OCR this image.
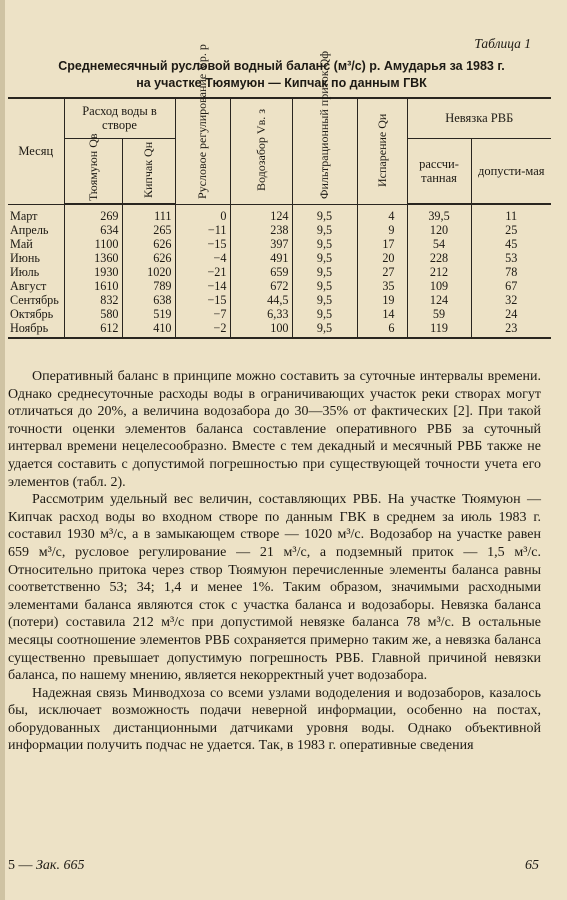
Таблица 1
Среднемесячный русловой водный баланс (м³/с) р. Амударья за 1983 г.
на участке Тюямуюн — Кипчак по данным ГВК
Месяц	Расход воды в створе		Русловое регулирование Vр. р	Водозабор Vв. з	Фильтрационный приток Qф	Испарение Qи	Невязка РВБ	
	Тюямуюн Qв	Кипчак Qн					рассчи-танная	допусти-мая
Март	269	111	0	124	9,5	4	39,5	11
Апрель	634	265	−11	238	9,5	9	120	25
Май	1100	626	−15	397	9,5	17	54	45
Июнь	1360	626	−4	491	9,5	20	228	53
Июль	1930	1020	−21	659	9,5	27	212	78
Август	1610	789	−14	672	9,5	35	109	67
Сентябрь	832	638	−15	44,5	9,5	19	124	32
Октябрь	580	519	−7	6,33	9,5	14	59	24
Ноябрь	612	410	−2	100	9,5	6	119	23

Оперативный баланс в принципе можно составить за суточные интервалы времени. Однако среднесуточные расходы воды в ограничивающих участок реки створах могут отличаться до 20%, а величина водозабора до 30—35% от фактических [2]. При такой точности оценки элементов баланса составление оперативного РВБ за суточный интервал времени нецелесообразно. Вместе с тем декадный и месячный РВБ также не удается составить с допустимой погрешностью при существующей точности учета его элементов (табл. 2).

Рассмотрим удельный вес величин, составляющих РВБ. На участке Тюямуюн — Кипчак расход воды во входном створе по данным ГВК в среднем за июль 1983 г. составил 1930 м³/с, а в замыкающем створе — 1020 м³/с. Водозабор на участке равен 659 м³/с, русловое регулирование — 21 м³/с, а подземный приток — 1,5 м³/с. Относительно притока через створ Тюямуюн перечисленные элементы баланса равны соответственно 53; 34; 1,4 и менее 1%. Таким образом, значимыми расходными элементами баланса являются сток с участка баланса и водозаборы. Невязка баланса (потери) составила 212 м³/с при допустимой невязке баланса 78 м³/с. В остальные месяцы соотношение элементов РВБ сохраняется примерно таким же, а невязка баланса существенно превышает допустимую погрешность РВБ. Главной причиной невязки баланса, по нашему мнению, является некорректный учет водозабора.

Надежная связь Минводхоза со всеми узлами вододеления и водозаборов, казалось бы, исключает возможность подачи неверной информации, особенно на постах, оборудованных дистанционными датчиками уровня воды. Однако объективной информации получить подчас не удается. Так, в 1983 г. оперативные сведения

5 — Зак. 665	65
